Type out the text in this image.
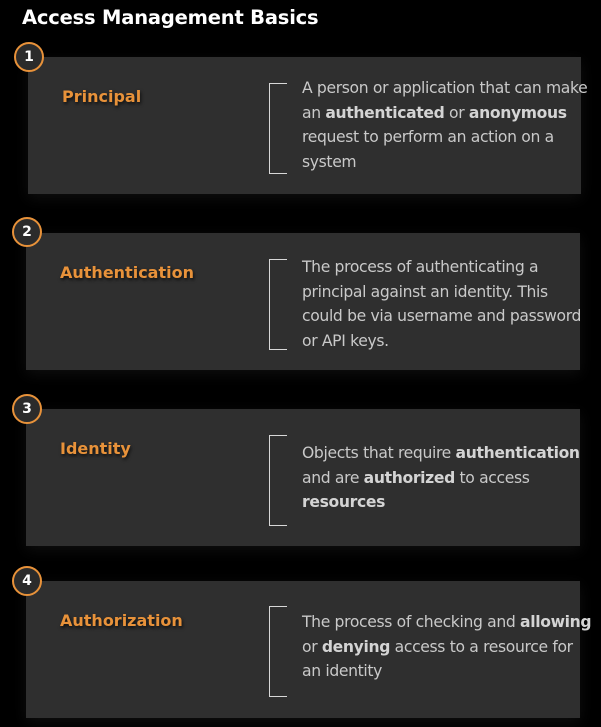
Access Management Basics
1
Principal	A person or application that can make an authenticated or anonymous request to perform an action on a system
2
Authentication	The process of authenticating a principal against an identity. This could be via username and password or API keys.
3
Identity	Objects that require authentication and are authorized to access resources
4
Authorization	The process of checking and allowing or denying access to a resource for an identity
